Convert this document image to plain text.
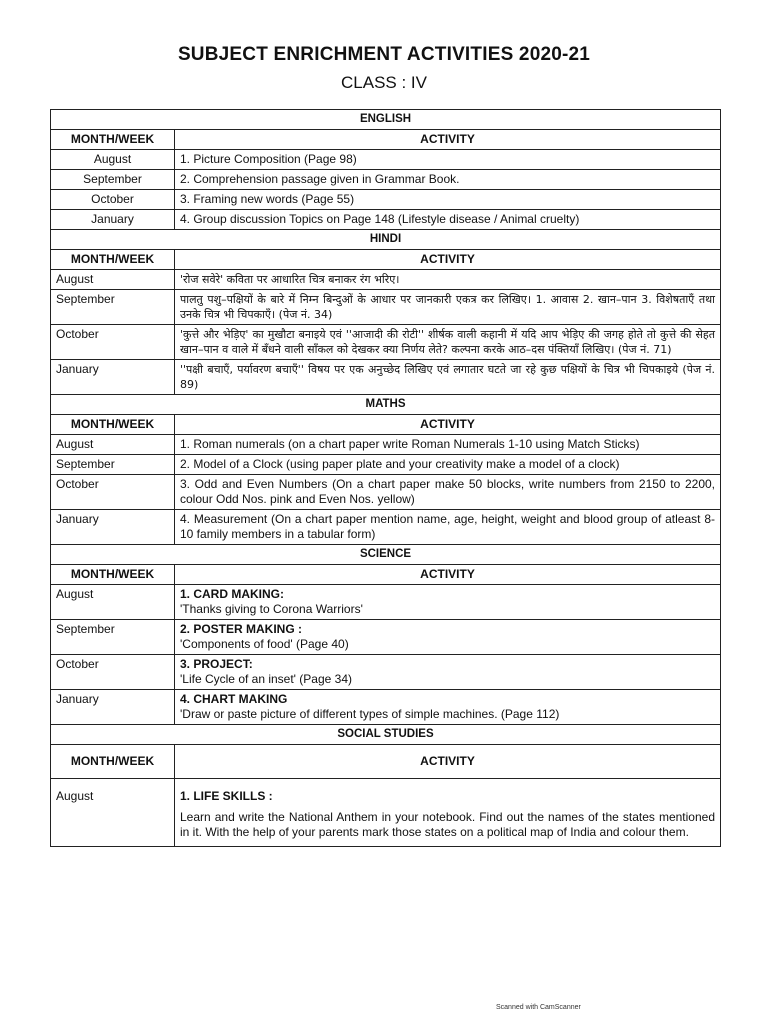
SUBJECT ENRICHMENT ACTIVITIES 2020-21
CLASS : IV
ENGLISH	
MONTH/WEEK	ACTIVITY
August	1. Picture Composition (Page 98)
September	2. Comprehension passage given in Grammar Book.
October	3. Framing new words (Page 55)
January	4. Group discussion Topics on Page 148 (Lifestyle disease / Animal cruelty)
HINDI	
MONTH/WEEK	ACTIVITY
August	'रोज सवेरे' कविता पर आधारित चित्र बनाकर रंग भरिए।
September	पालतु पशु–पक्षियों के बारे में निम्न बिन्दुओं के आधार पर जानकारी एकत्र कर लिखिए। 1. आवास 2. खान–पान 3. विशेषताएँ तथा उनके चित्र भी चिपकाएँ। (पेज नं. 34)
October	'कुत्ते और भेड़िए' का मुखौटा बनाइये एवं ''आजादी की रोटी'' शीर्षक वाली कहानी में यदि आप भेड़िए की जगह होते तो कुत्ते की सेहत खान–पान व वाले में बँधने वाली साँकल को देखकर क्या निर्णय लेते? कल्पना करके आठ–दस पंक्तियाँ लिखिए। (पेज नं. 71)
January	''पक्षी बचाएँ, पर्यावरण बचाएँ'' विषय पर एक अनुच्छेद लिखिए एवं लगातार घटते जा रहे कुछ पक्षियों के चित्र भी चिपकाइये (पेज नं. 89)
MATHS	
MONTH/WEEK	ACTIVITY
August	1. Roman numerals (on a chart paper write Roman Numerals 1-10 using Match Sticks)
September	2. Model of a Clock (using paper plate and your creativity make a model of a clock)
October	3. Odd and Even Numbers (On a chart paper make 50 blocks, write numbers from 2150 to 2200, colour Odd Nos. pink and Even Nos. yellow)
January	4. Measurement (On a chart paper mention name, age, height, weight and blood group of atleast 8-10 family members in a tabular form)
SCIENCE	
MONTH/WEEK	ACTIVITY
August	1. CARD MAKING:
'Thanks giving to Corona Warriors'

September	2. POSTER MAKING :
'Components of food' (Page 40)

October	3. PROJECT:
'Life Cycle of an inset' (Page 34)

January	4. CHART MAKING
'Draw or paste picture of different types of simple machines. (Page 112)

SOCIAL STUDIES	
MONTH/WEEK	ACTIVITY
August	1. LIFE SKILLS :
Learn and write the National Anthem in your notebook. Find out the names of the states mentioned in it. With the help of your parents mark those states on a political map of India and colour them.
Scanned with CamScanner
